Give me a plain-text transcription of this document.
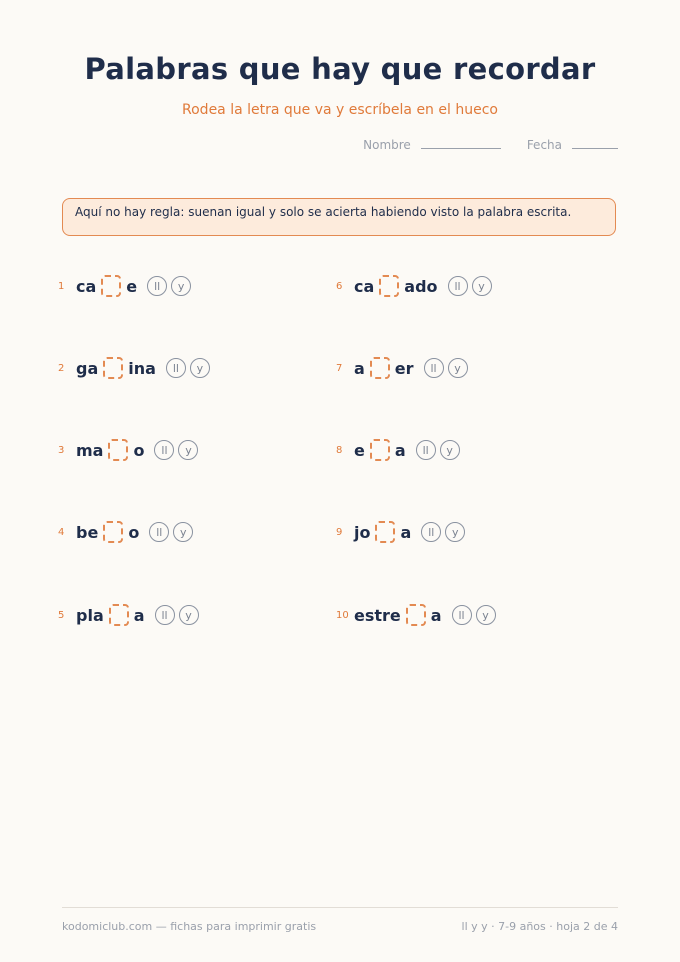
Palabras que hay que recordar
Rodea la letra que va y escríbela en el hueco
Nombre	Fecha
Aquí no hay regla: suenan igual y solo se acierta habiendo visto la palabra escrita.
1 ca e	ll	y
2 ga ina	ll	y
3 ma o	ll	y
4 be o	ll	y
5 pla a	ll	y
6 ca ado	ll	y
7 a er	ll	y
8 e a	ll	y
9 jo a	ll	y
10 estre a	ll	y
kodomiclub.com — fichas para imprimir gratis	ll y y · 7-9 años · hoja 2 de 4
